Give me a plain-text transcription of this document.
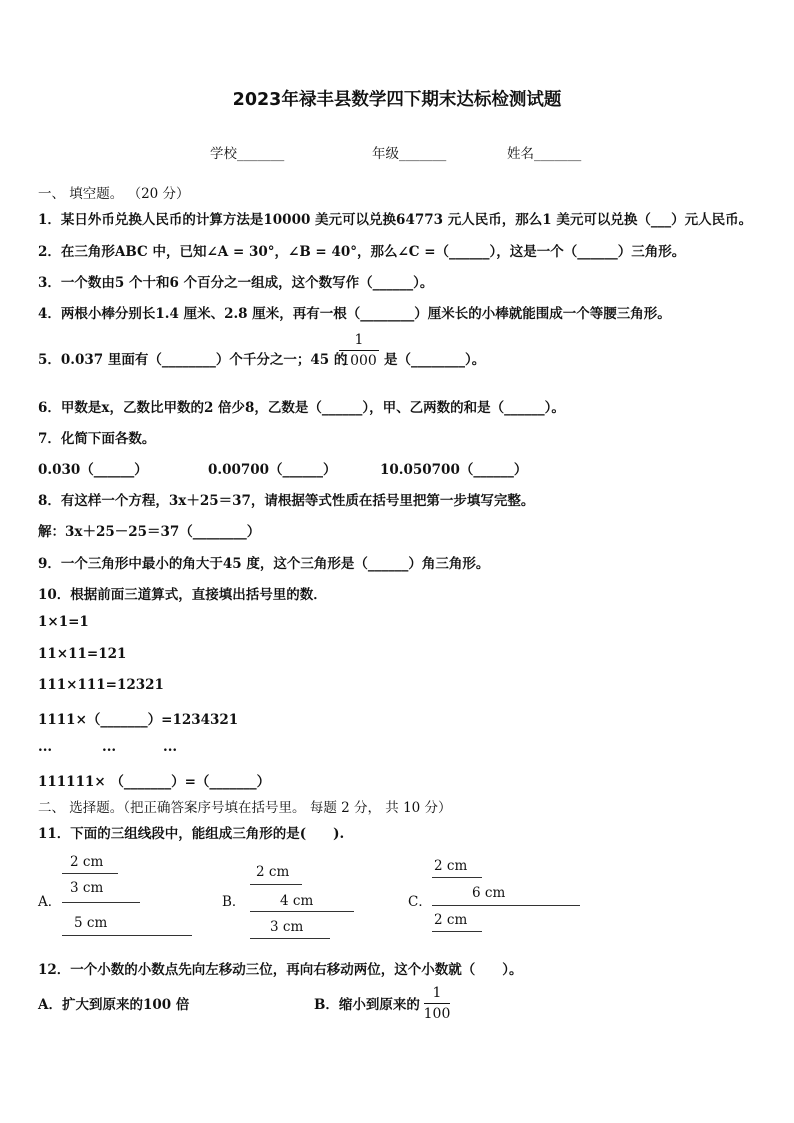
2023年禄丰县数学四下期末达标检测试题
学校_______	年级_______	姓名_______
一、 填空题。 （20 分）
1．某日外币兑换人民币的计算方法是10000 美元可以兑换64773 元人民币，那么1 美元可以兑换（___）元人民币。
2．在三角形ABC 中，已知∠A = 30°，∠B = 40°，那么∠C =（______），这是一个（______）三角形。
3．一个数由5 个十和6 个百分之一组成，这个数写作（______）。
4．两根小棒分别长1.4 厘米、2.8 厘米，再有一根（________）厘米长的小棒就能围成一个等腰三角形。
5．0.037 里面有（________）个千分之一；45 的
1
1000 是（________）。
6．甲数是x，乙数比甲数的2 倍少8，乙数是（______），甲、乙两数的和是（______）。
7．化简下面各数。
0.030（______）	0.00700（______）	10.050700（______）
8．有这样一个方程，3x＋25＝37，请根据等式性质在括号里把第一步填写完整。
解：3x＋25－25＝37（________）
9．一个三角形中最小的角大于45 度，这个三角形是（______）角三角形。
10．根据前面三道算式，直接填出括号里的数．
1×1=1
11×11=121
111×111=12321
1111×（_______）=1234321
...	...	...
111111× （_______）=（_______）
二、 选择题。（把正确答案序号填在括号里。 每题 2 分， 共 10 分）
11．下面的三组线段中，能组成三角形的是(　　).
A．
2 cm
3 cm
5 cm
B．
2 cm
4 cm
3 cm
C．
2 cm
6 cm
2 cm
12．一个小数的小数点先向左移动三位，再向右移动两位，这个小数就（　　）。
A．扩大到原来的100 倍	B．缩小到原来的
1
100
